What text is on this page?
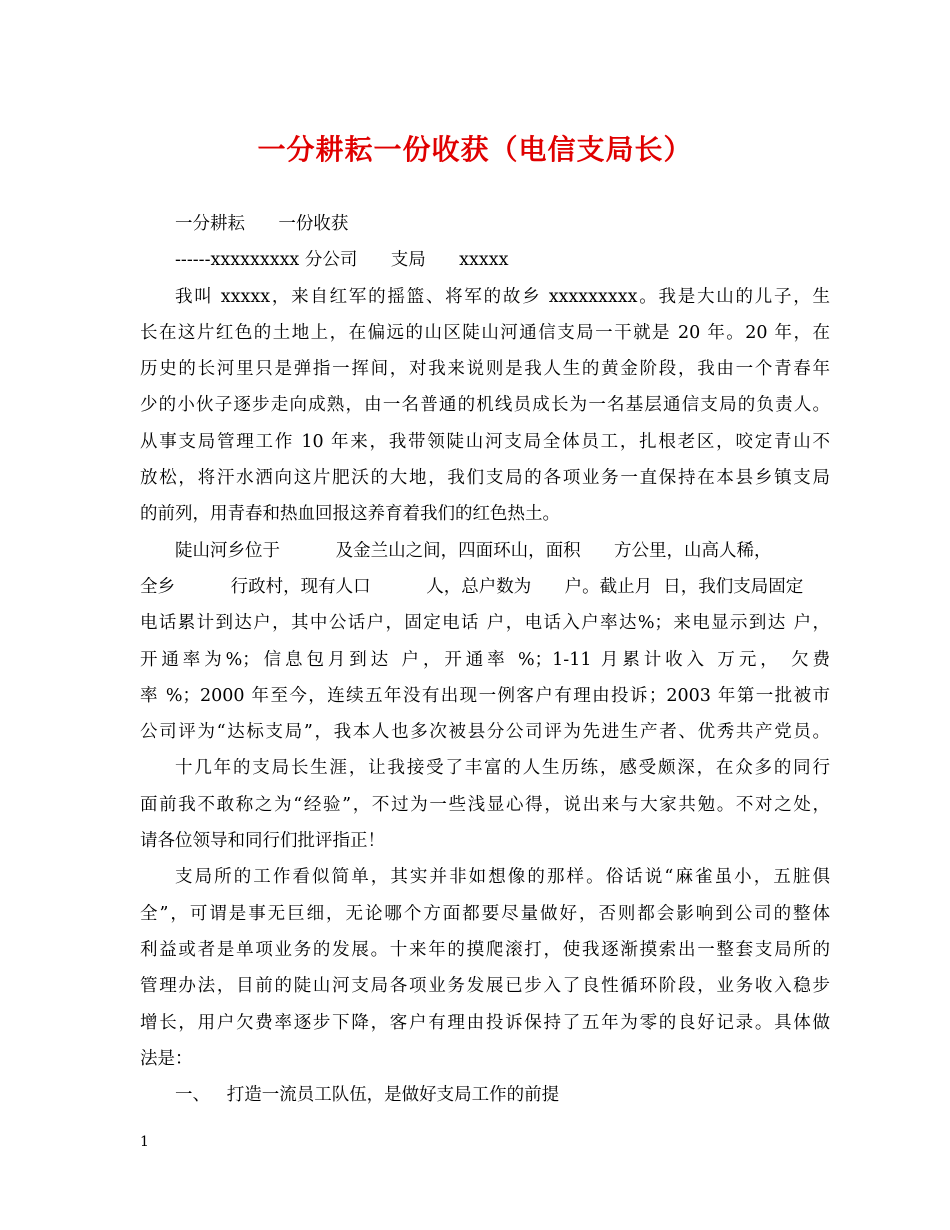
一分耕耘一份收获（电信支局长）
一分耕耘      一份收获
------xxxxxxxxx 分公司      支局      xxxxx
我叫 xxxxx，来自红军的摇篮、将军的故乡 xxxxxxxxx。我是大山的儿子，生
长在这片红色的土地上，在偏远的山区陡山河通信支局一干就是 20 年。20 年，在
历史的长河里只是弹指一挥间，对我来说则是我人生的黄金阶段，我由一个青春年
少的小伙子逐步走向成熟，由一名普通的机线员成长为一名基层通信支局的负责人。
从事支局管理工作 10 年来，我带领陡山河支局全体员工，扎根老区，咬定青山不
放松，将汗水洒向这片肥沃的大地，我们支局的各项业务一直保持在本县乡镇支局
的前列，用青春和热血回报这养育着我们的红色热土。
陡山河乡位于          及金兰山之间，四面环山，面积      方公里，山高人稀，
全乡          行政村，现有人口          人，总户数为      户。截止月  日，我们支局固定
电话累计到达户，其中公话户，固定电话 户，电话入户率达%；来电显示到达 户，
开通率为%；信息包月到达 户，开通率 %；1-11 月累计收入 万元， 欠费
率 %；2000 年至今，连续五年没有出现一例客户有理由投诉；2003 年第一批被市
公司评为“达标支局”，我本人也多次被县分公司评为先进生产者、优秀共产党员。
十几年的支局长生涯，让我接受了丰富的人生历练，感受颇深，在众多的同行
面前我不敢称之为“经验”，不过为一些浅显心得，说出来与大家共勉。不对之处，
请各位领导和同行们批评指正！
支局所的工作看似简单，其实并非如想像的那样。俗话说“麻雀虽小，五脏俱
全”，可谓是事无巨细，无论哪个方面都要尽量做好，否则都会影响到公司的整体
利益或者是单项业务的发展。十来年的摸爬滚打，使我逐渐摸索出一整套支局所的
管理办法，目前的陡山河支局各项业务发展已步入了良性循环阶段，业务收入稳步
增长，用户欠费率逐步下降，客户有理由投诉保持了五年为零的良好记录。具体做
法是：
一、   打造一流员工队伍，是做好支局工作的前提
1
